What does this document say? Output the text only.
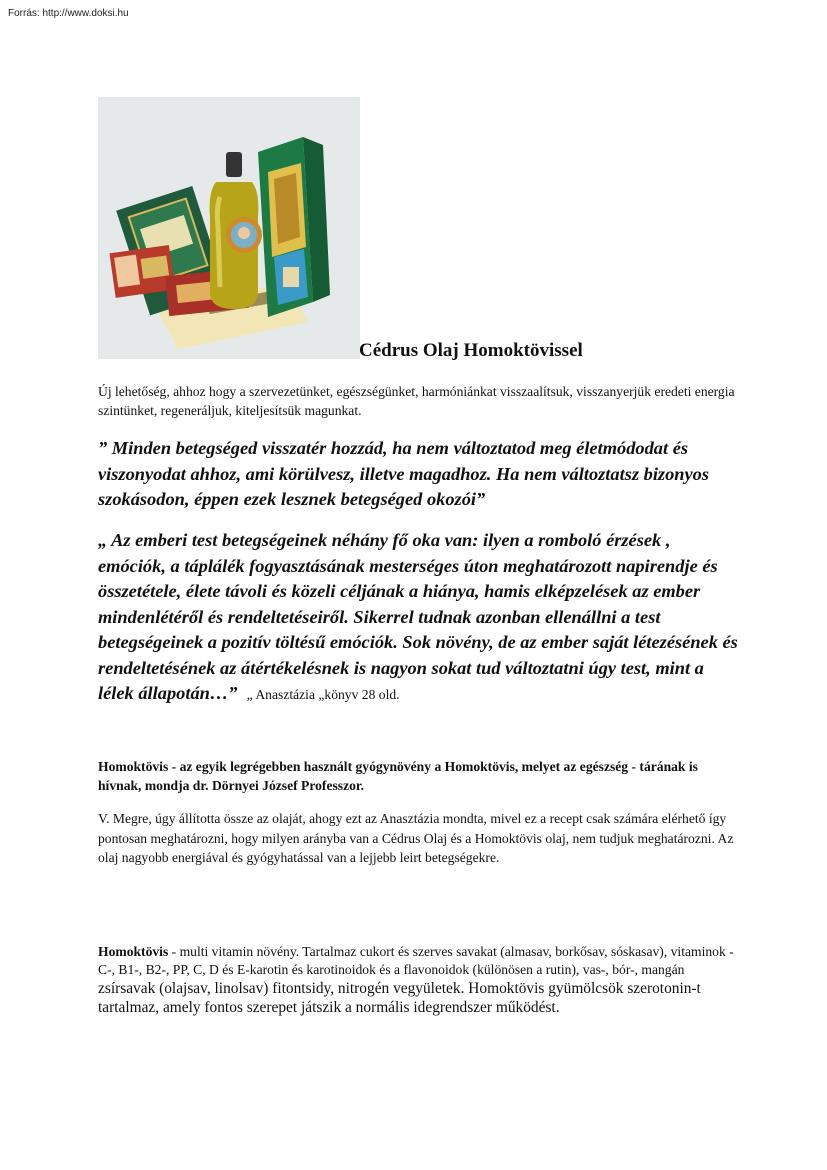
Forrás: http://www.doksi.hu
Cédrus Olaj Homoktövissel

Új lehetőség, ahhoz hogy a szervezetünket, egészségünket, harmóniánkat visszaalítsuk, visszanyerjük eredeti energia szintünket, regeneráljuk, kiteljesítsük magunkat.

” Minden betegséged visszatér hozzád, ha nem változtatod meg életmódodat és viszonyodat ahhoz, ami körülvesz, illetve magadhoz. Ha nem változtatsz bizonyos szokásodon, éppen ezek lesznek betegséged okozói”

„ Az emberi test betegségeinek néhány fő oka van: ilyen a romboló érzések , emóciók, a táplálék fogyasztásának mesterséges úton meghatározott napirendje és összetétele, élete távoli és közeli céljának a hiánya, hamis elképzelések az ember mindenlétéről és rendeltetéseiről. Sikerrel tudnak azonban ellenállni a test betegségeinek a pozitív töltésű emóciók. Sok növény, de az ember saját létezésének és rendeltetésének az átértékelésnek is nagyon sokat tud változtatni úgy test, mint a lélek állapotán…” „ Anasztázia „könyv 28 old.

Homoktövis - az egyik legrégebben használt gyógynövény a Homoktövis, melyet az egészség - tárának is hívnak, mondja dr. Dörnyei József Professzor.

V. Megre, úgy állította össze az olaját, ahogy ezt az Anasztázia mondta, mivel ez a recept csak számára elérhető így pontosan meghatározni, hogy milyen arányba van a Cédrus Olaj és a Homoktövis olaj, nem tudjuk meghatározni. Az olaj nagyobb energiával és gyógyhatással van a lejjebb leirt betegségekre.

Homoktövis - multi vitamin növény. Tartalmaz cukort és szerves savakat (almasav, borkősav, sóskasav), vitaminok - C-, B1-, B2-, PP, C, D és E-karotin és karotinoidok és a flavonoidok (különösen a rutin), vas-, bór-, mangán zsírsavak (olajsav, linolsav) fitontsidy, nitrogén vegyületek. Homoktövis gyümölcsök szerotonin-t tartalmaz, amely fontos szerepet játszik a normális idegrendszer működést.
